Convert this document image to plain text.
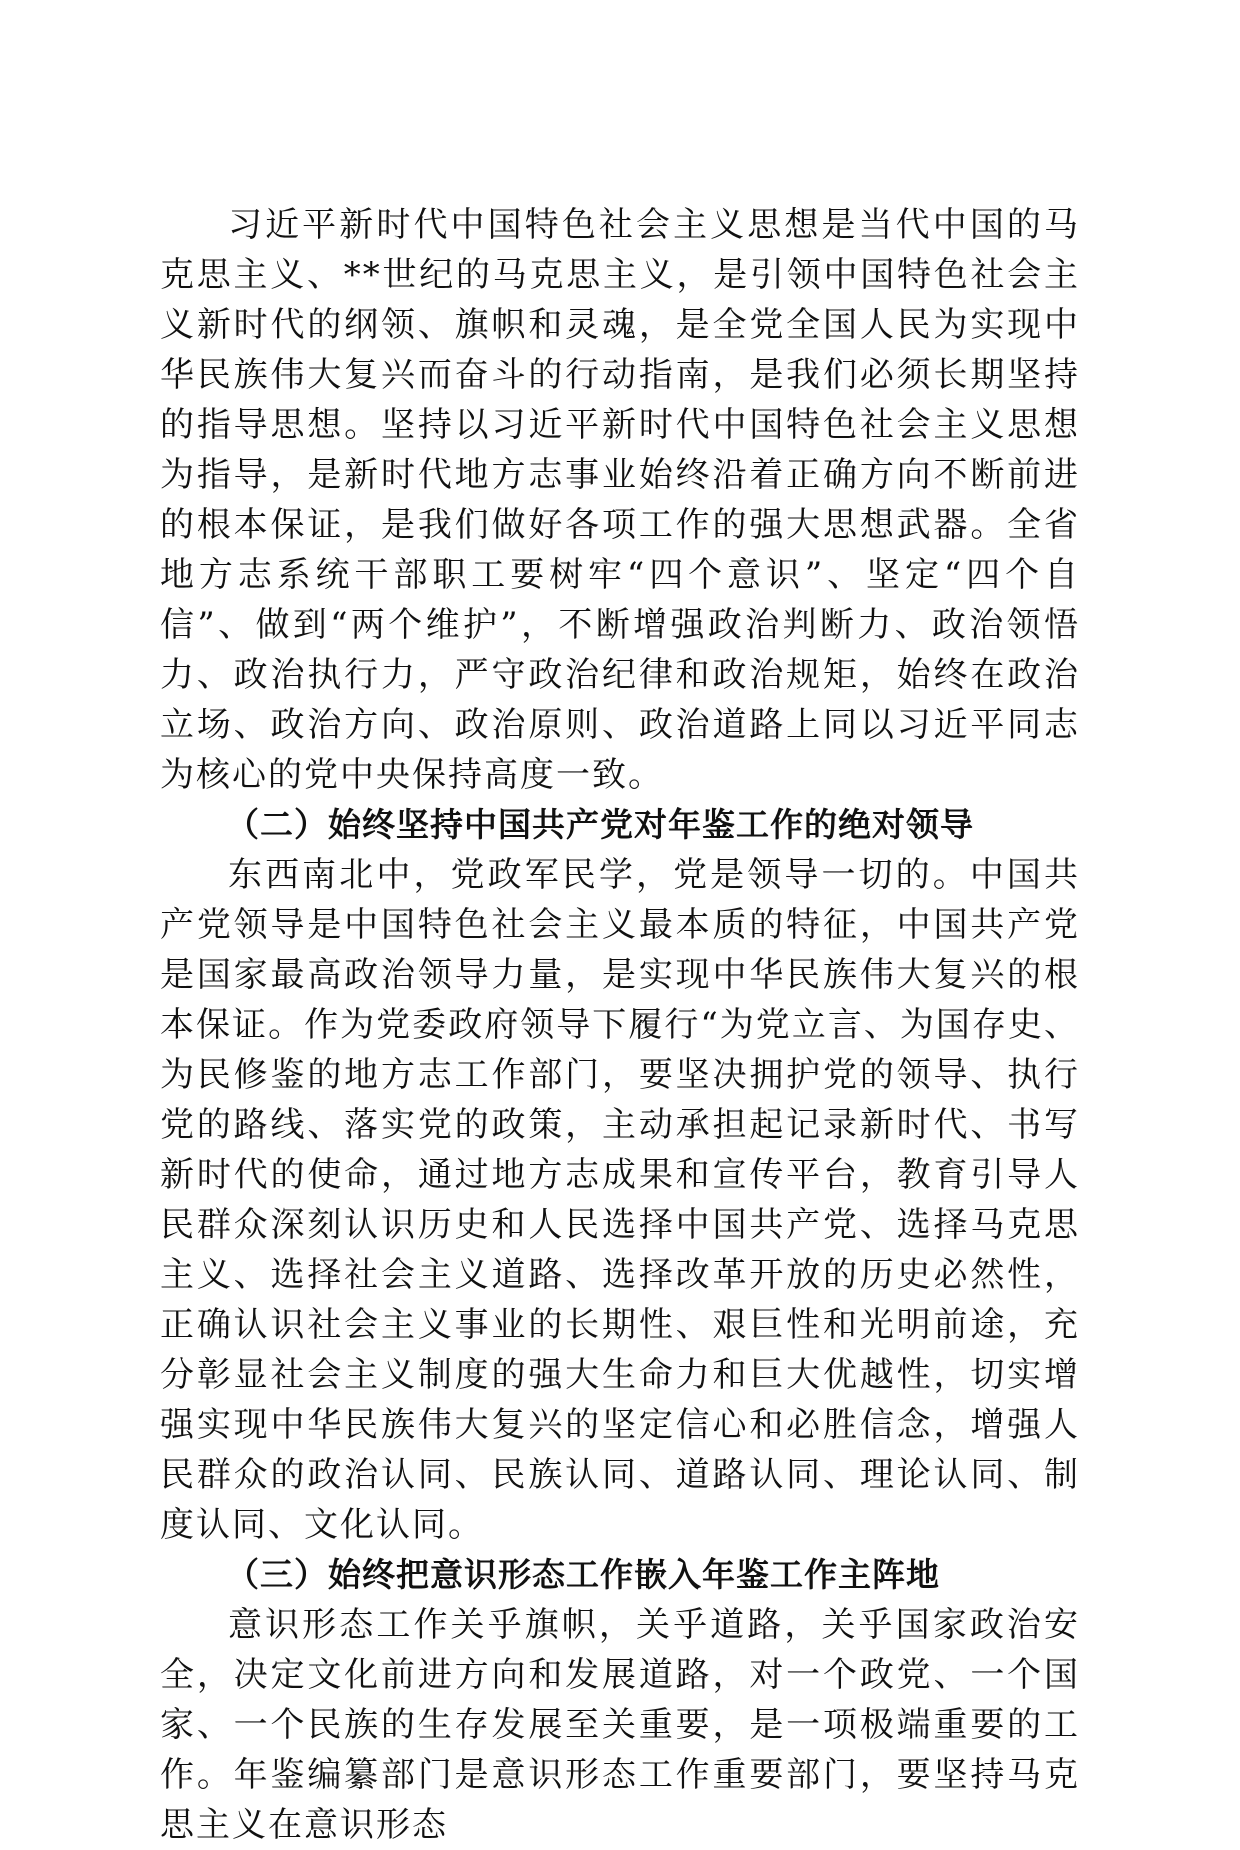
习近平新时代中国特色社会主义思想是当代中国的马克思主义、**世纪的马克思主义，是引领中国特色社会主义新时代的纲领、旗帜和灵魂，是全党全国人民为实现中华民族伟大复兴而奋斗的行动指南，是我们必须长期坚持的指导思想。坚持以习近平新时代中国特色社会主义思想为指导，是新时代地方志事业始终沿着正确方向不断前进的根本保证，是我们做好各项工作的强大思想武器。全省地方志系统干部职工要树牢“四个意识”、坚定“四个自信”、做到“两个维护”，不断增强政治判断力、政治领悟力、政治执行力，严守政治纪律和政治规矩，始终在政治立场、政治方向、政治原则、政治道路上同以习近平同志为核心的党中央保持高度一致。

（二）始终坚持中国共产党对年鉴工作的绝对领导

东西南北中，党政军民学，党是领导一切的。中国共产党领导是中国特色社会主义最本质的特征，中国共产党是国家最高政治领导力量，是实现中华民族伟大复兴的根本保证。作为党委政府领导下履行“为党立言、为国存史、为民修鉴的地方志工作部门，要坚决拥护党的领导、执行党的路线、落实党的政策，主动承担起记录新时代、书写新时代的使命，通过地方志成果和宣传平台，教育引导人民群众深刻认识历史和人民选择中国共产党、选择马克思主义、选择社会主义道路、选择改革开放的历史必然性，正确认识社会主义事业的长期性、艰巨性和光明前途，充分彰显社会主义制度的强大生命力和巨大优越性，切实增强实现中华民族伟大复兴的坚定信心和必胜信念，增强人民群众的政治认同、民族认同、道路认同、理论认同、制度认同、文化认同。

（三）始终把意识形态工作嵌入年鉴工作主阵地

意识形态工作关乎旗帜，关乎道路，关乎国家政治安全，决定文化前进方向和发展道路，对一个政党、一个国家、一个民族的生存发展至关重要，是一项极端重要的工作。年鉴编纂部门是意识形态工作重要部门，要坚持马克思主义在意识形态
